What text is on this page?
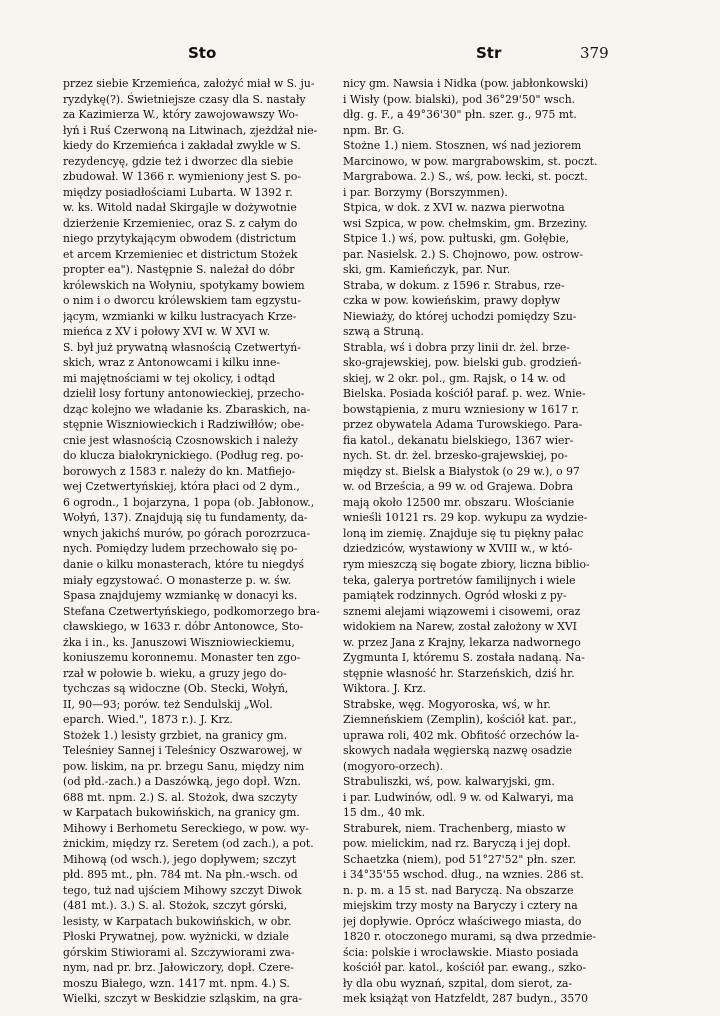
Sto	Str	379
przez siebie Krzemieńca, założyć miał w S. ju-
ryzdykę(?). Świetniejsze czasy dla S. nastały
za Kazimierza W., który zawojowawszy Wo-
łyń i Ruś Czerwoną na Litwinach, zjeżdżał nie-
kiedy do Krzemieńca i zakładał zwykle w S.
rezydencyę, gdzie też i dworzec dla siebie
zbudował. W 1366 r. wymieniony jest S. po-
między posiadłościami Lubarta. W 1392 r.
w. ks. Witold nadał Skirgajle w dożywotnie
dzierżenie Krzemieniec, oraz S. z całym do
niego przytykającym obwodem (districtum
et arcem Krzemieniec et districtum Stożek
propter ea"). Następnie S. należał do dóbr
królewskich na Wołyniu, spotykamy bowiem
o nim i o dworcu królewskiem tam egzystu-
jącym, wzmianki w kilku lustracyach Krze-
mieńca z XV i połowy XVI w. W XVI w.
S. był już prywatną własnością Czetwertyń-
skich, wraz z Antonowcami i kilku inne-
mi majętnościami w tej okolicy, i odtąd
dzielił losy fortuny antonowieckiej, przecho-
dząc kolejno we władanie ks. Zbaraskich, na-
stępnie Wiszniowieckich i Radziwiłłów; obe-
cnie jest własnością Czosnowskich i należy
do klucza białokrynickiego. (Podług reg. po-
borowych z 1583 r. należy do kn. Matfiejo-
wej Czetwertyńskiej, która płaci od 2 dym.,
6 ogrodn., 1 bojarzyna, 1 popa (ob. Jabłonow.,
Wołyń, 137). Znajdują się tu fundamenty, da-
wnych jakichś murów, po górach porozrzuca-
nych. Pomiędzy ludem przechowało się po-
danie o kilku monasterach, które tu niegdyś
miały egzystować. O monasterze p. w. św.
Spasa znajdujemy wzmiankę w donacyi ks.
Stefana Czetwertyńskiego, podkomorzego bra-
cławskiego, w 1633 r. dóbr Antonowce, Sto-
żka i in., ks. Januszowi Wiszniowieckiemu,
koniuszemu koronnemu. Monaster ten zgo-
rzał w połowie b. wieku, a gruzy jego do-
tychczas są widoczne (Ob. Stecki, Wołyń,
II, 90—93; porów. też Sendulskij „Wol.
eparch. Wied.", 1873 r.). J. Krz.
Stożek 1.) lesisty grzbiet, na granicy gm.
Teleśniey Sannej i Teleśnicy Oszwarowej, w
pow. liskim, na pr. brzegu Sanu, między nim
(od płd.-zach.) a Daszówką, jego dopł. Wzn.
688 mt. npm. 2.) S. al. Stożok, dwa szczyty
w Karpatach bukowińskich, na granicy gm.
Mihowy i Berhometu Sereckiego, w pow. wy-
żnickim, między rz. Seretem (od zach.), a pot.
Mihową (od wsch.), jego dopływem; szczyt
płd. 895 mt., płn. 784 mt. Na płn.-wsch. od
tego, tuż nad ujściem Mihowy szczyt Diwok
(481 mt.). 3.) S. al. Stożok, szczyt górski,
lesisty, w Karpatach bukowińskich, w obr.
Płoski Prywatnej, pow. wyżnicki, w dziale
górskim Stiwiorami al. Szczywiorami zwa-
nym, nad pr. brz. Jałowiczory, dopł. Czere-
moszu Białego, wzn. 1417 mt. npm. 4.) S.
Wielki, szczyt w Beskidzie szląskim, na gra-
nicy gm. Nawsia i Nidka (pow. jabłonkowski)
i Wisły (pow. bialski), pod 36°29'50" wsch.
dłg. g. F., a 49°36'30" płn. szer. g., 975 mt.
npm. Br. G.
Stożne 1.) niem. Stosznen, wś nad jeziorem
Marcinowo, w pow. margrabowskim, st. poczt.
Margrabowa. 2.) S., wś, pow. łecki, st. poczt.
i par. Borzymy (Borszymmen).
Stpica, w dok. z XVI w. nazwa pierwotna
wsi Szpica, w pow. chełmskim, gm. Brzeziny.
Stpice 1.) wś, pow. pułtuski, gm. Gołębie,
par. Nasielsk. 2.) S. Chojnowo, pow. ostrow-
ski, gm. Kamieńczyk, par. Nur.
Straba, w dokum. z 1596 r. Strabus, rze-
czka w pow. kowieńskim, prawy dopływ
Niewiaży, do której uchodzi pomiędzy Szu-
szwą a Struną.
Strabla, wś i dobra przy linii dr. żel. brze-
sko-grajewskiej, pow. bielski gub. grodzień-
skiej, w 2 okr. pol., gm. Rajsk, o 14 w. od
Bielska. Posiada kościół paraf. p. wez. Wnie-
bowstąpienia, z muru wzniesiony w 1617 r.
przez obywatela Adama Turowskiego. Para-
fia katol., dekanatu bielskiego, 1367 wier-
nych. St. dr. żel. brzesko-grajewskiej, po-
między st. Bielsk a Białystok (o 29 w.), o 97
w. od Brześcia, a 99 w. od Grajewa. Dobra
mają około 12500 mr. obszaru. Włościanie
wnieśli 10121 rs. 29 kop. wykupu za wydzie-
loną im ziemię. Znajduje się tu piękny pałac
dziedziców, wystawiony w XVIII w., w któ-
rym mieszczą się bogate zbiory, liczna biblio-
teka, galerya portretów familijnych i wiele
pamiątek rodzinnych. Ogród włoski z py-
sznemi alejami wiązowemi i cisowemi, oraz
widokiem na Narew, został założony w XVI
w. przez Jana z Krajny, lekarza nadwornego
Zygmunta I, któremu S. została nadaną. Na-
stępnie własność hr. Starzeńskich, dziś hr.
Wiktora. J. Krz.
Strabske, węg. Mogyoroska, wś, w hr.
Ziemneńskiem (Zemplin), kościół kat. par.,
uprawa roli, 402 mk. Obfitość orzechów la-
skowych nadała węgierską nazwę osadzie
(mogyoro-orzech).
Strabuliszki, wś, pow. kalwaryjski, gm.
i par. Ludwinów, odl. 9 w. od Kalwaryi, ma
15 dm., 40 mk.
Straburek, niem. Trachenberg, miasto w
pow. mielickim, nad rz. Baryczą i jej dopł.
Schaetzka (niem), pod 51°27'52" płn. szer.
i 34°35'55 wschod. dług., na wznies. 286 st.
n. p. m. a 15 st. nad Baryczą. Na obszarze
miejskim trzy mosty na Baryczy i cztery na
jej dopływie. Oprócz właściwego miasta, do
1820 r. otoczonego murami, są dwa przedmie-
ścia: polskie i wrocławskie. Miasto posiada
kościół par. katol., kościół par. ewang., szko-
ły dla obu wyznań, szpital, dom sierot, za-
mek książąt von Hatzfeldt, 287 budyn., 3570
